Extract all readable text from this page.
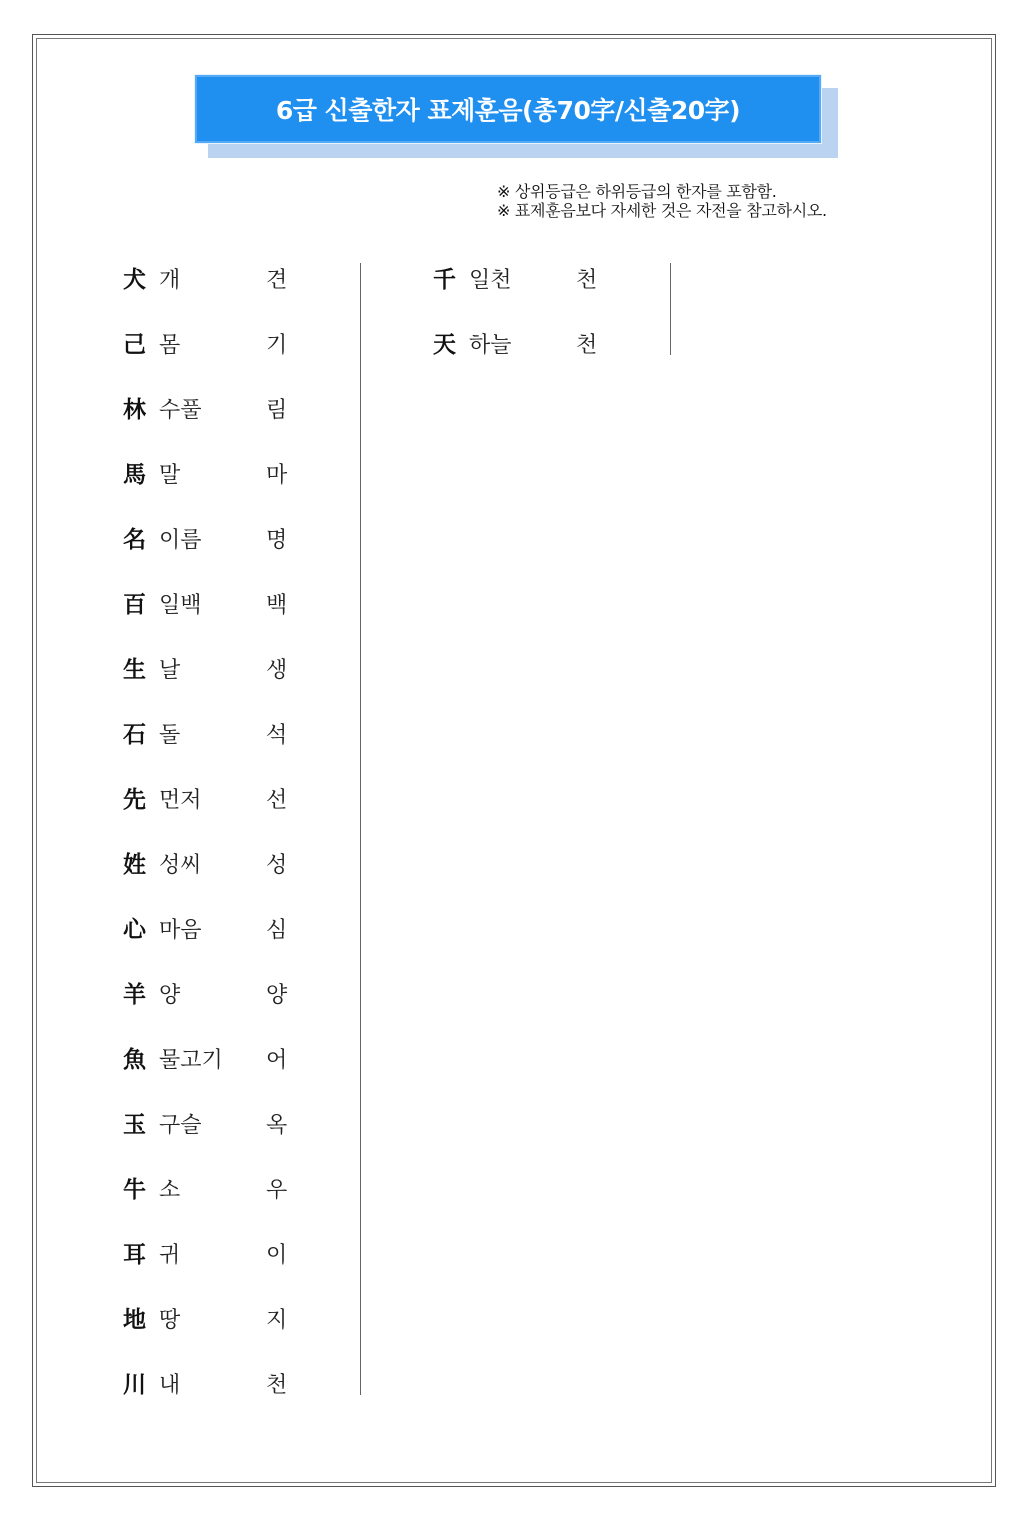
6급 신출한자 표제훈음(총70字/신출20字)
※ 상위등급은 하위등급의 한자를 포함함.
※ 표제훈음보다 자세한 것은 자전을 참고하시오.
犬 개	견
己 몸	기
林 수풀	림
馬 말	마
名 이름	명
百 일백	백
生 날	생
石 돌	석
先 먼저	선
姓 성씨	성
心 마음	심
羊 양	양
魚 물고기 어
玉 구슬	옥
牛 소	우
耳 귀	이
地 땅	지
川 내	천
千 일천	천
天 하늘	천
